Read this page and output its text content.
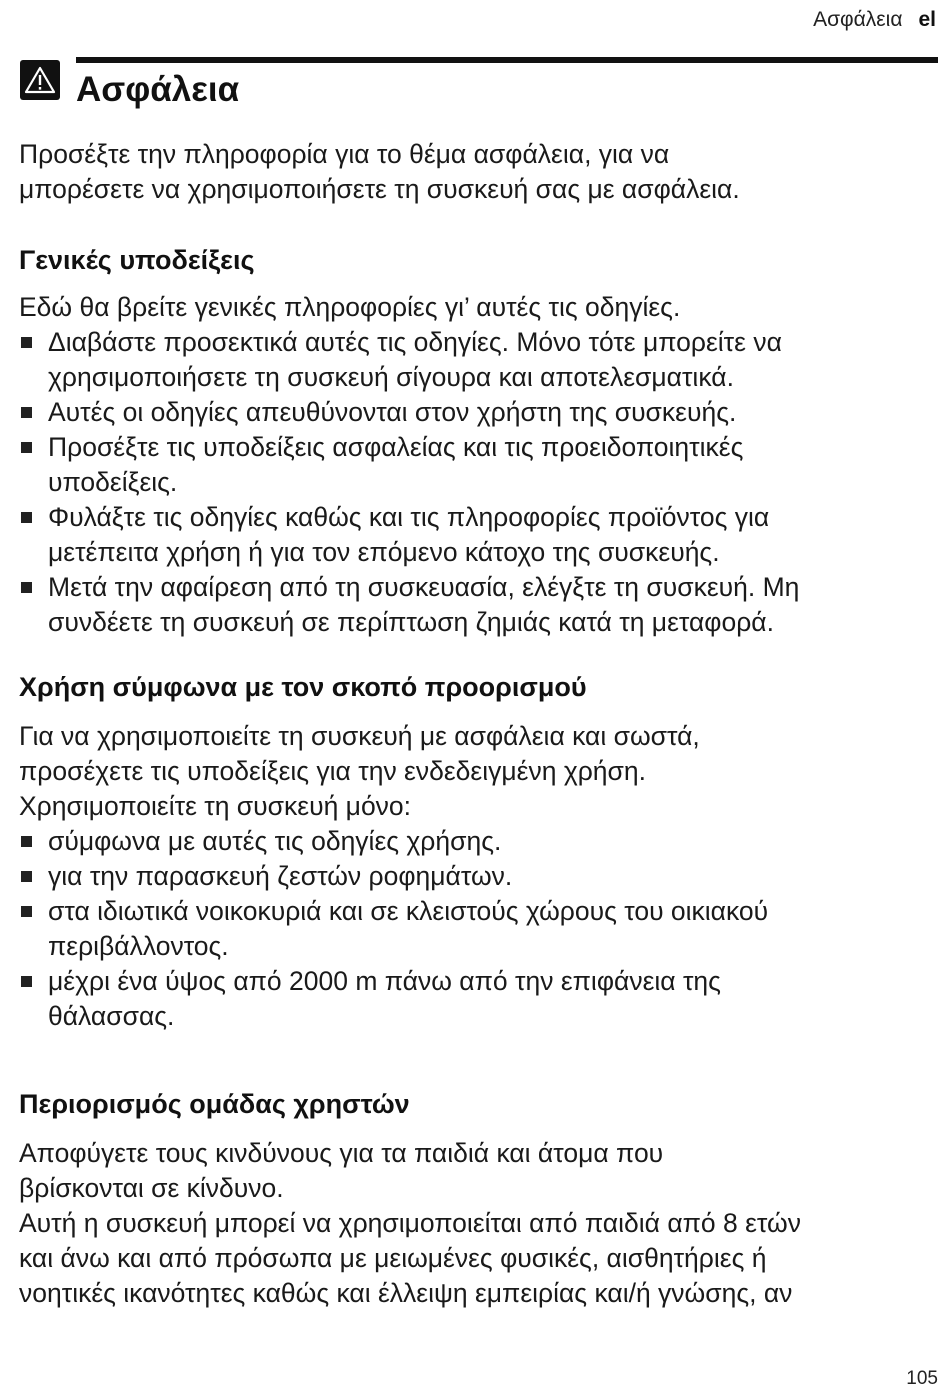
Ασφάλεια el
Ασφάλεια

Προσέξτε την πληροφορία για το θέμα ασφάλεια, για να

μπορέσετε να χρησιμοποιήσετε τη συσκευή σας με ασφάλεια.

Γενικές υποδείξεις

Εδώ θα βρείτε γενικές πληροφορίες γι’ αυτές τις οδηγίες.

Διαβάστε προσεκτικά αυτές τις οδηγίες. Μόνο τότε μπορείτε να

χρησιμοποιήσετε τη συσκευή σίγουρα και αποτελεσματικά.

Αυτές οι οδηγίες απευθύνονται στον χρήστη της συσκευής.

Προσέξτε τις υποδείξεις ασφαλείας και τις προειδοποιητικές

υποδείξεις.

Φυλάξτε τις οδηγίες καθώς και τις πληροφορίες προϊόντος για

μετέπειτα χρήση ή για τον επόμενο κάτοχο της συσκευής.

Μετά την αφαίρεση από τη συσκευασία, ελέγξτε τη συσκευή. Μη

συνδέετε τη συσκευή σε περίπτωση ζημιάς κατά τη μεταφορά.

Χρήση σύμφωνα με τον σκοπό προορισμού

Για να χρησιμοποιείτε τη συσκευή με ασφάλεια και σωστά,

προσέχετε τις υποδείξεις για την ενδεδειγμένη χρήση.

Χρησιμοποιείτε τη συσκευή μόνο:

σύμφωνα με αυτές τις οδηγίες χρήσης.

για την παρασκευή ζεστών ροφημάτων.

στα ιδιωτικά νοικοκυριά και σε κλειστούς χώρους του οικιακού

περιβάλλοντος.

μέχρι ένα ύψος από 2000 m πάνω από την επιφάνεια της

θάλασσας.

Περιορισμός ομάδας χρηστών

Αποφύγετε τους κινδύνους για τα παιδιά και άτομα που

βρίσκονται σε κίνδυνο.

Αυτή η συσκευή μπορεί να χρησιμοποιείται από παιδιά από 8 ετών

και άνω και από πρόσωπα με μειωμένες φυσικές, αισθητήριες ή

νοητικές ικανότητες καθώς και έλλειψη εμπειρίας και/ή γνώσης, αν

105
